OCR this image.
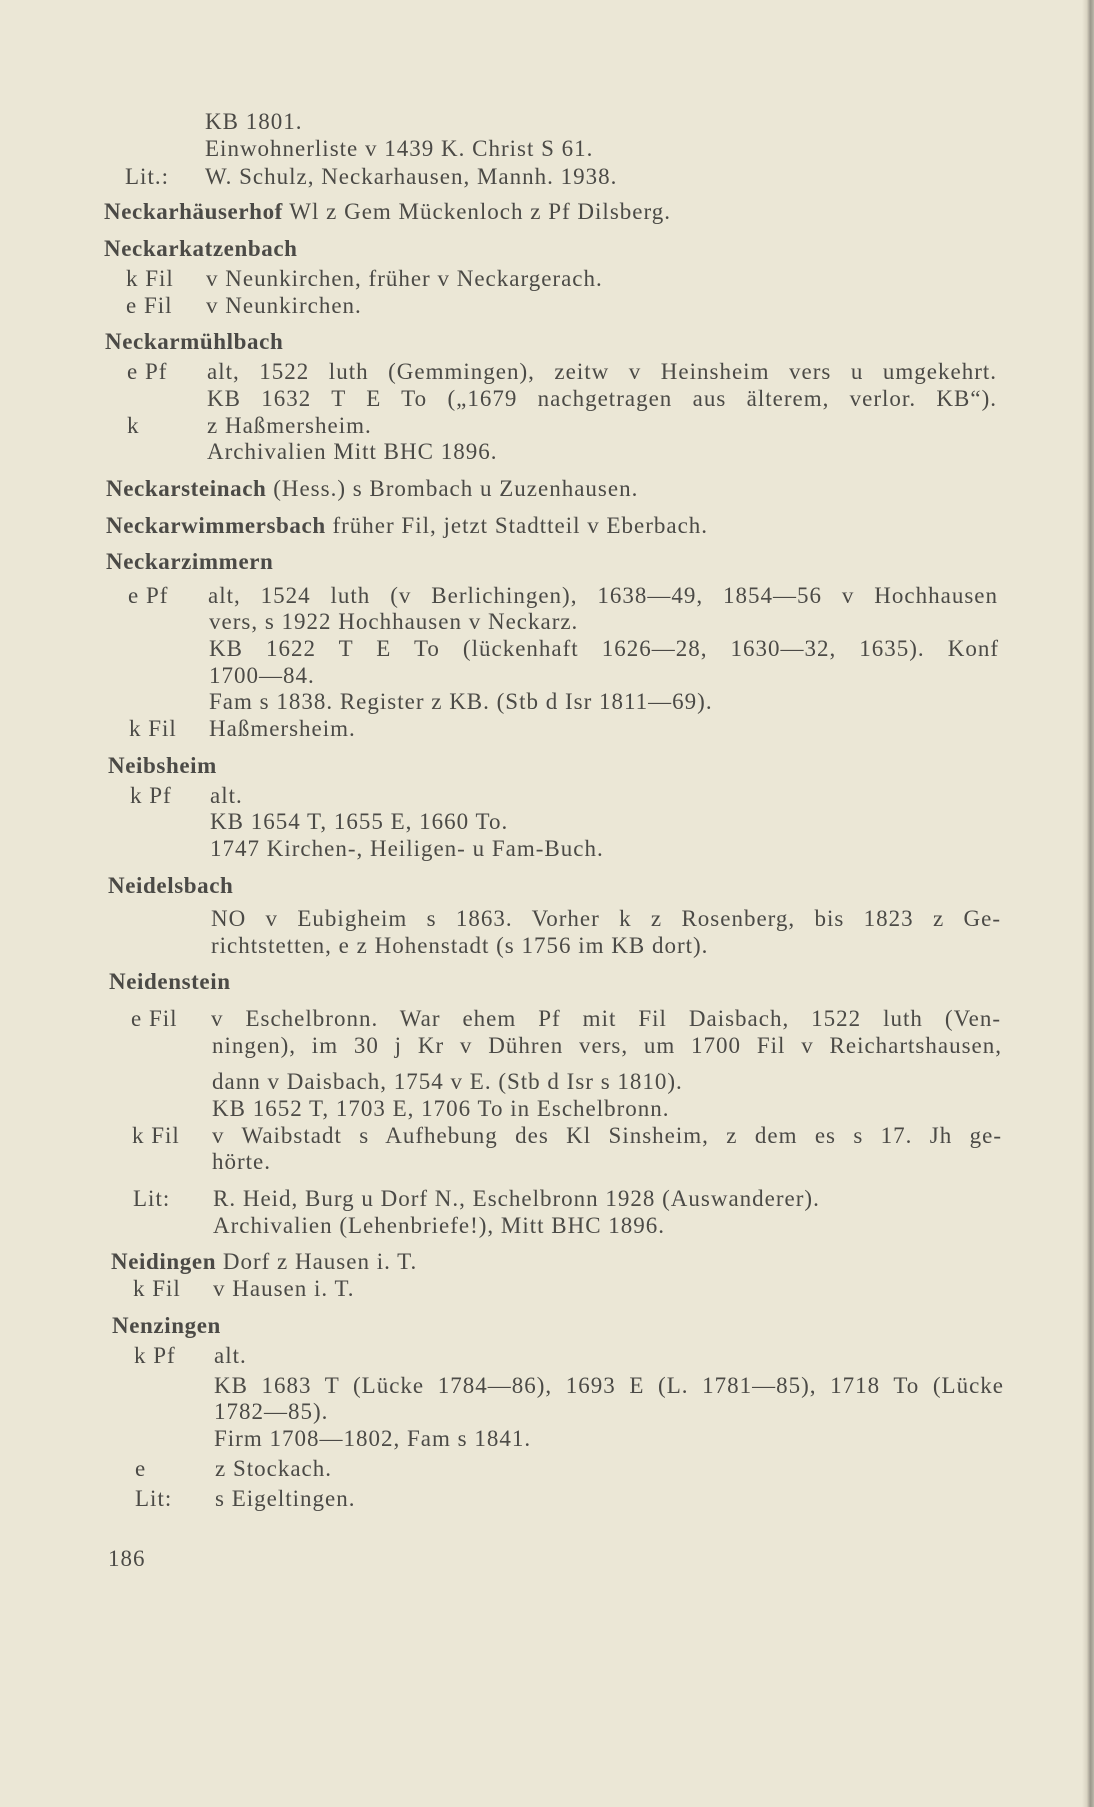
KB 1801.
Einwohnerliste v 1439 K. Christ S 61.
Lit.: W. Schulz, Neckarhausen, Mannh. 1938.
Neckarhäuserhof Wl z Gem Mückenloch z Pf Dilsberg.
Neckarkatzenbach
k Fil v Neunkirchen, früher v Neckargerach.
e Fil v Neunkirchen.
Neckarmühlbach
e Pf alt, 1522 luth (Gemmingen), zeitw v Heinsheim vers u umgekehrt.
KB 1632 T E To („1679 nachgetragen aus älterem, verlor. KB“).
k	z Haßmersheim.
Archivalien Mitt BHC 1896.
Neckarsteinach (Hess.) s Brombach u Zuzenhausen.
Neckarwimmersbach früher Fil, jetzt Stadtteil v Eberbach.
Neckarzimmern
e Pf alt, 1524 luth (v Berlichingen), 1638—49, 1854—56 v Hochhausen
vers, s 1922 Hochhausen v Neckarz.
KB 1622 T E To (lückenhaft 1626—28, 1630—32, 1635). Konf
1700—84.
Fam s 1838. Register z KB. (Stb d Isr 1811—69).
k Fil Haßmersheim.
Neibsheim
k Pf alt.
KB 1654 T, 1655 E, 1660 To.
1747 Kirchen-, Heiligen- u Fam-Buch.
Neidelsbach
NO v Eubigheim s 1863. Vorher k z Rosenberg, bis 1823 z Ge-
richtstetten, e z Hohenstadt (s 1756 im KB dort).
Neidenstein
e Fil v Eschelbronn. War ehem Pf mit Fil Daisbach, 1522 luth (Ven-
ningen), im 30 j Kr v Dühren vers, um 1700 Fil v Reichartshausen,
dann v Daisbach, 1754 v E. (Stb d Isr s 1810).
KB 1652 T, 1703 E, 1706 To in Eschelbronn.
k Fil v Waibstadt s Aufhebung des Kl Sinsheim, z dem es s 17. Jh ge-
hörte.
Lit: R. Heid, Burg u Dorf N., Eschelbronn 1928 (Auswanderer).
Archivalien (Lehenbriefe!), Mitt BHC 1896.
Neidingen Dorf z Hausen i. T.
k Fil v Hausen i. T.
Nenzingen
k Pf alt.
KB 1683 T (Lücke 1784—86), 1693 E (L. 1781—85), 1718 To (Lücke
1782—85).
Firm 1708—1802, Fam s 1841.
e	z Stockach.
Lit: s Eigeltingen.
186
